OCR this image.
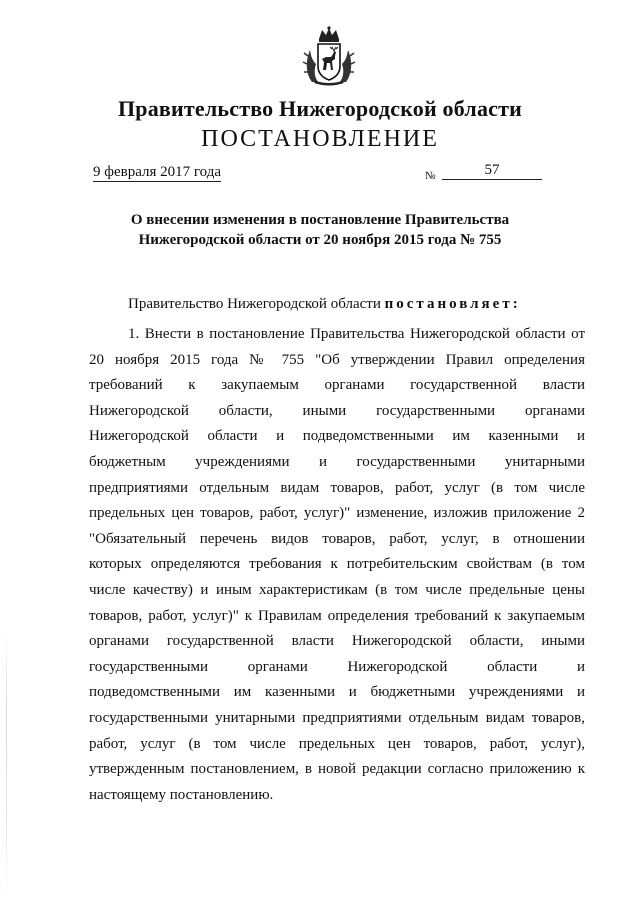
Правительство Нижегородской области
ПОСТАНОВЛЕНИЕ
9 февраля 2017 года	№	57
О внесении изменения в постановление Правительства
Нижегородской области от 20 ноября 2015 года № 755
Правительство Нижегородской области постановляет:
1. Внести в постановление Правительства Нижегородской области от
20 ноября 2015 года № 755 "Об утверждении Правил определения
требований к закупаемым органами государственной власти
Нижегородской области, иными государственными органами
Нижегородской области и подведомственными им казенными и
бюджетным учреждениями и государственными унитарными
предприятиями отдельным видам товаров, работ, услуг (в том числе
предельных цен товаров, работ, услуг)" изменение, изложив приложение 2
"Обязательный перечень видов товаров, работ, услуг, в отношении
которых определяются требования к потребительским свойствам (в том
числе качеству) и иным характеристикам (в том числе предельные цены
товаров, работ, услуг)" к Правилам определения требований к закупаемым
органами государственной власти Нижегородской области, иными
государственными органами Нижегородской области и
подведомственными им казенными и бюджетными учреждениями и
государственными унитарными предприятиями отдельным видам товаров,
работ, услуг (в том числе предельных цен товаров, работ, услуг),
утвержденным постановлением, в новой редакции согласно приложению к
настоящему постановлению.
